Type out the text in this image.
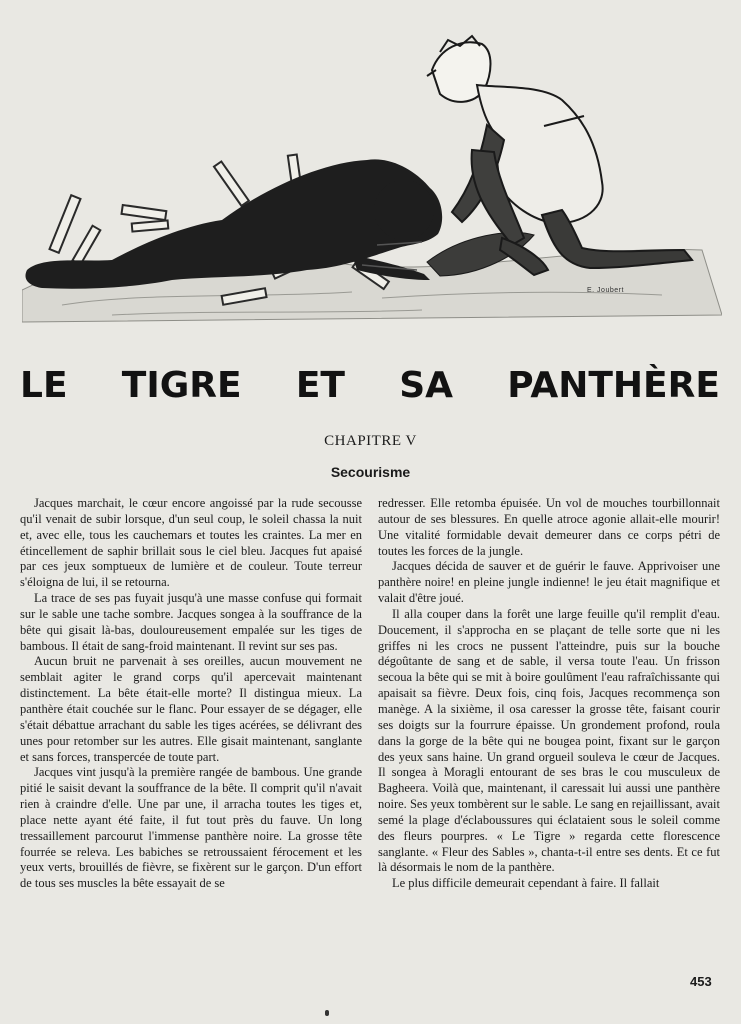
E. Joubert
LE TIGRE ET SA PANTHÈRE
CHAPITRE V
Secourisme

Jacques marchait, le cœur encore angoissé par la rude secousse qu'il venait de subir lorsque, d'un seul coup, le soleil chassa la nuit et, avec elle, tous les cauchemars et toutes les craintes. La mer en étincellement de saphir brillait sous le ciel bleu. Jacques fut apaisé par ces jeux somptueux de lumière et de couleur. Toute terreur s'éloigna de lui, il se retourna.

La trace de ses pas fuyait jusqu'à une masse confuse qui formait sur le sable une tache sombre. Jacques songea à la souffrance de la bête qui gisait là-bas, douloureusement empalée sur les tiges de bambous. Il était de sang-froid maintenant. Il revint sur ses pas.

Aucun bruit ne parvenait à ses oreilles, aucun mouvement ne semblait agiter le grand corps qu'il apercevait maintenant distinctement. La bête était-elle morte? Il distingua mieux. La panthère était couchée sur le flanc. Pour essayer de se dégager, elle s'était débattue arrachant du sable les tiges acérées, se délivrant des unes pour retomber sur les autres. Elle gisait maintenant, sanglante et sans forces, transpercée de toute part.

Jacques vint jusqu'à la première rangée de bambous. Une grande pitié le saisit devant la souffrance de la bête. Il comprit qu'il n'avait rien à craindre d'elle. Une par une, il arracha toutes les tiges et, place nette ayant été faite, il fut tout près du fauve. Un long tressaillement parcourut l'immense panthère noire. La grosse tête fourrée se releva. Les babiches se retroussaient férocement et les yeux verts, brouillés de fièvre, se fixèrent sur le garçon. D'un effort de tous ses muscles la bête essayait de se

redresser. Elle retomba épuisée. Un vol de mouches tourbillonnait autour de ses blessures. En quelle atroce agonie allait-elle mourir! Une vitalité formidable devait demeurer dans ce corps pétri de toutes les forces de la jungle.

Jacques décida de sauver et de guérir le fauve. Apprivoiser une panthère noire! en pleine jungle indienne! le jeu était magnifique et valait d'être joué.

Il alla couper dans la forêt une large feuille qu'il remplit d'eau. Doucement, il s'approcha en se plaçant de telle sorte que ni les griffes ni les crocs ne pussent l'atteindre, puis sur la bouche dégoûtante de sang et de sable, il versa toute l'eau. Un frisson secoua la bête qui se mit à boire goulûment l'eau rafraîchissante qui apaisait sa fièvre. Deux fois, cinq fois, Jacques recommença son manège. A la sixième, il osa caresser la grosse tête, faisant courir ses doigts sur la fourrure épaisse. Un grondement profond, roula dans la gorge de la bête qui ne bougea point, fixant sur le garçon des yeux sans haine. Un grand orgueil souleva le cœur de Jacques. Il songea à Moragli entourant de ses bras le cou musculeux de Bagheera. Voilà que, maintenant, il caressait lui aussi une panthère noire. Ses yeux tombèrent sur le sable. Le sang en rejaillissant, avait semé la plage d'éclaboussures qui éclataient sous le soleil comme des fleurs pourpres. « Le Tigre » regarda cette florescence sanglante. « Fleur des Sables », chanta-t-il entre ses dents. Et ce fut là désormais le nom de la panthère.

Le plus difficile demeurait cependant à faire. Il fallait

453
